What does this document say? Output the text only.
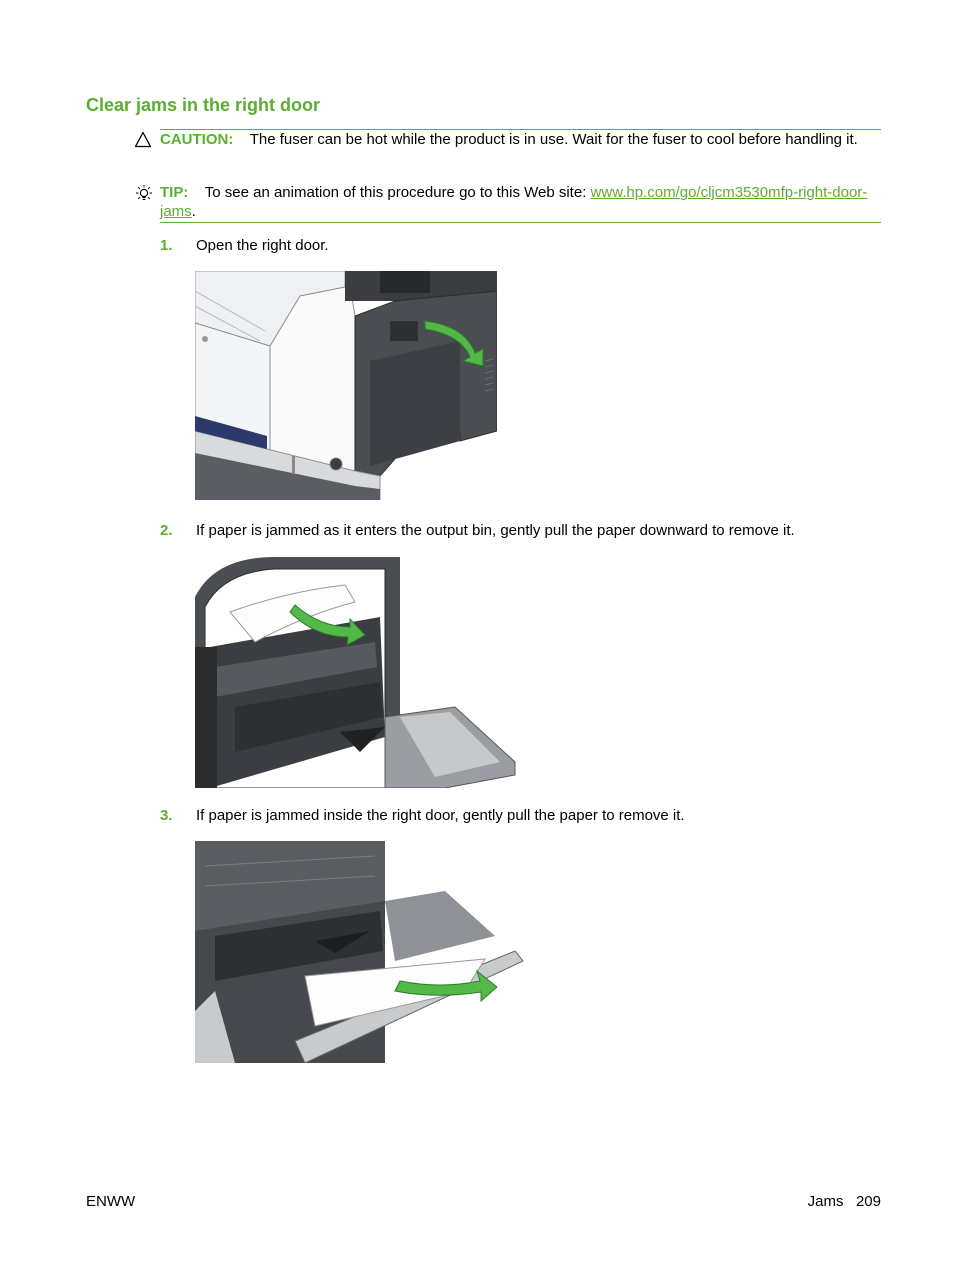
Clear jams in the right door
CAUTION: The fuser can be hot while the product is in use. Wait for the fuser to cool before handling it.
TIP: To see an animation of this procedure go to this Web site: www.hp.com/go/cljcm3530mfp-right-door-jams.
1. Open the right door.
2. If paper is jammed as it enters the output bin, gently pull the paper downward to remove it.
3. If paper is jammed inside the right door, gently pull the paper to remove it.
ENWW	Jams 209
